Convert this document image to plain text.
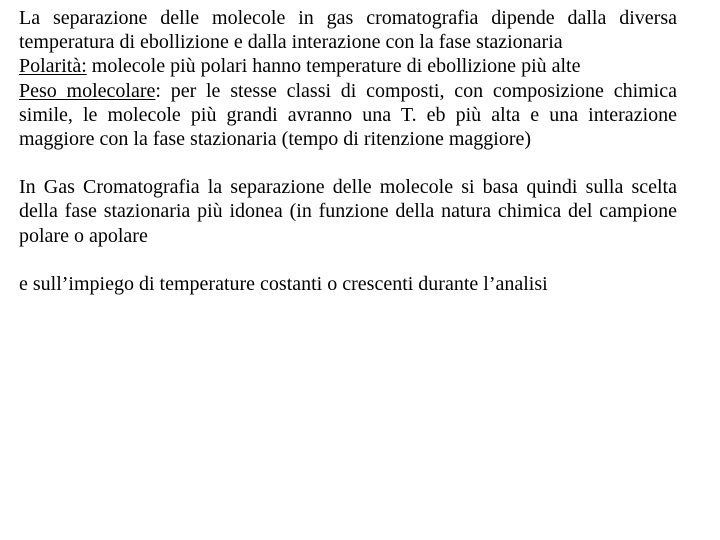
La separazione delle molecole in gas cromatografia dipende dalla diversa temperatura di ebollizione e dalla interazione con la fase stazionaria

Polarità: molecole più polari hanno temperature di ebollizione più alte

Peso molecolare: per le stesse classi di composti, con composizione chimica simile, le molecole più grandi avranno una T. eb più alta e una interazione maggiore con la fase stazionaria (tempo di ritenzione maggiore)

In Gas Cromatografia la separazione delle molecole si basa quindi sulla scelta della fase stazionaria più idonea (in funzione della natura chimica del campione polare o apolare

e sull’impiego di temperature costanti o crescenti durante l’analisi
